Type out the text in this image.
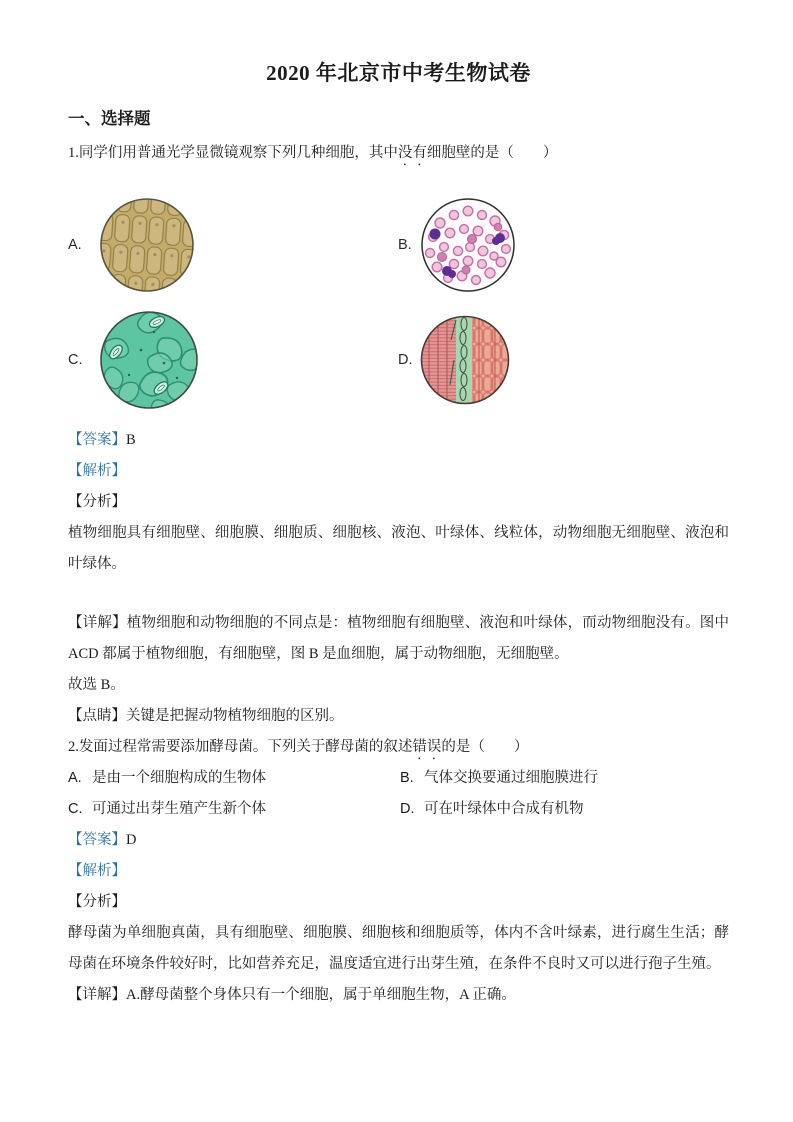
2020 年北京市中考生物试卷
一、选择题

1.同学们用普通光学显微镜观察下列几种细胞，其中没有细胞壁的是（　　）

A.	B.
C.	D.

【答案】B

【解析】

【分析】

植物细胞具有细胞壁、细胞膜、细胞质、细胞核、液泡、叶绿体、线粒体，动物细胞无细胞壁、液泡和叶绿体。

【详解】植物细胞和动物细胞的不同点是：植物细胞有细胞壁、液泡和叶绿体，而动物细胞没有。图中 ACD 都属于植物细胞，有细胞壁，图 B 是血细胞，属于动物细胞，无细胞壁。

故选 B。

【点睛】关键是把握动物植物细胞的区别。

2.发面过程常需要添加酵母菌。下列关于酵母菌的叙述错误的是（　　）

A. 是由一个细胞构成的生物体	B. 气体交换要通过细胞膜进行
C. 可通过出芽生殖产生新个体	D. 可在叶绿体中合成有机物

【答案】D

【解析】

【分析】

酵母菌为单细胞真菌，具有细胞壁、细胞膜、细胞核和细胞质等，体内不含叶绿素，进行腐生生活；酵母菌在环境条件较好时，比如营养充足，温度适宜进行出芽生殖，在条件不良时又可以进行孢子生殖。

【详解】A.酵母菌整个身体只有一个细胞，属于单细胞生物，A 正确。
